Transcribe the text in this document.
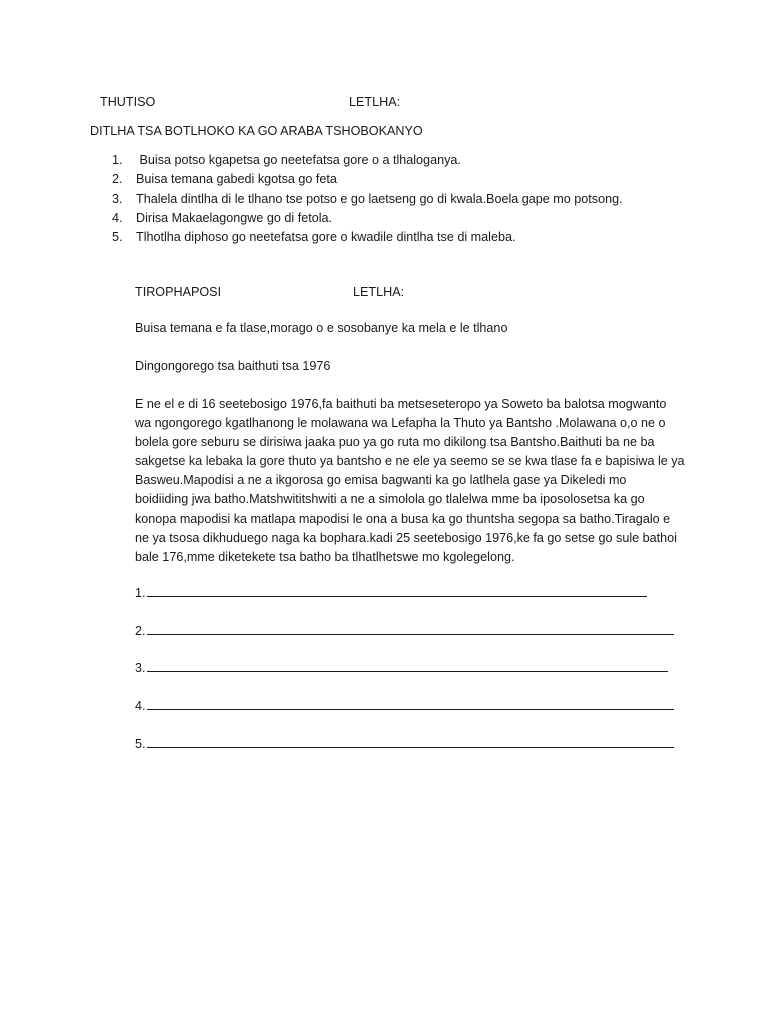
THUTISO	LETLHA:

DITLHA TSA BOTLHOKO KA GO ARABA TSHOBOKANYO

1. Buisa potso kgapetsa go neetefatsa gore o a tlhaloganya.
2. Buisa temana gabedi kgotsa go feta
3. Thalela dintlha di le tlhano tse potso e go laetseng go di kwala.Boela gape mo potsong.
4. Dirisa Makaelagongwe go di fetola.
5. Tlhotlha diphoso go neetefatsa gore o kwadile dintlha tse di maleba.
TIROPHAPOSI	LETLHA:

Buisa temana e fa tlase,morago o e sosobanye ka mela e le tlhano

Dingongorego tsa baithuti tsa 1976

E ne el e di 16 seetebosigo 1976,fa baithuti ba metseseteropo ya Soweto ba balotsa mogwanto
wa ngongorego kgatlhanong le molawana wa Lefapha la Thuto ya Bantsho .Molawana o,o ne o
bolela gore seburu se dirisiwa jaaka puo ya go ruta mo dikilong tsa Bantsho.Baithuti ba ne ba
sakgetse ka lebaka la gore thuto ya bantsho e ne ele ya seemo se se kwa tlase fa e bapisiwa le ya
Basweu.Mapodisi a ne a ikgorosa go emisa bagwanti ka go latlhela gase ya Dikeledi mo
boidiiding jwa batho.Matshwititshwiti a ne a simolola go tlalelwa mme ba iposolosetsa ka go
konopa mapodisi ka matlapa mapodisi le ona a busa ka go thuntsha segopa sa batho.Tiragalo e
ne ya tsosa dikhuduego naga ka bophara.kadi 25 seetebosigo 1976,ke fa go setse go sule bathoi
bale 176,mme diketekete tsa batho ba tlhatlhetswe mo kgolegelong.
1.
2.
3.
4.
5.
